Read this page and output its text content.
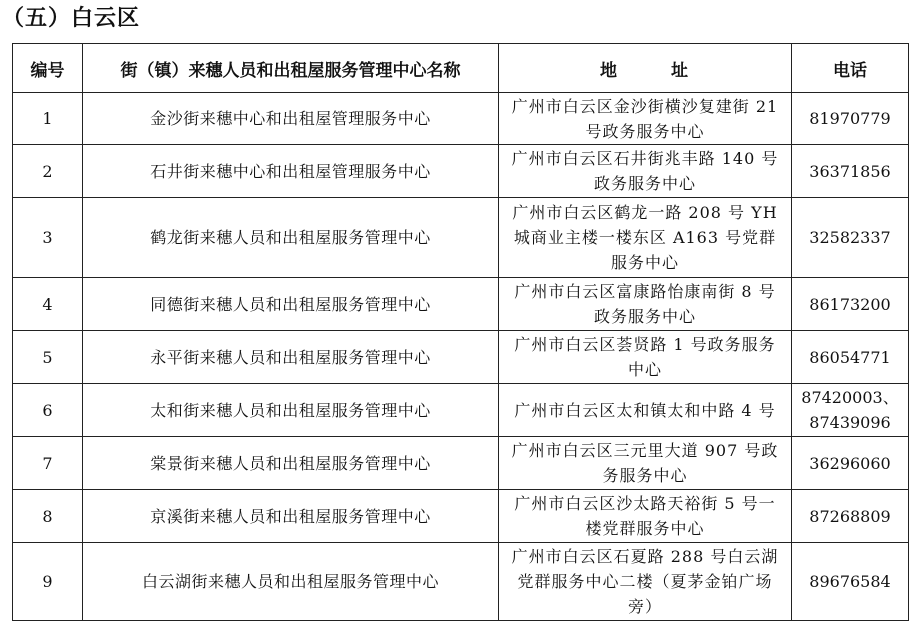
（五）白云区
编号	街（镇）来穗人员和出租屋服务管理中心名称	地 址	电话
1	金沙街来穗中心和出租屋管理服务中心	广州市白云区金沙街横沙复建街 21 号政务服务中心	81970779
2	石井街来穗中心和出租屋管理服务中心	广州市白云区石井街兆丰路 140 号政务服务中心	36371856
3	鹤龙街来穗人员和出租屋服务管理中心	广州市白云区鹤龙一路 208 号 YH 城商业主楼一楼东区 A163 号党群服务中心	32582337
4	同德街来穗人员和出租屋服务管理中心	广州市白云区富康路怡康南街 8 号政务服务中心	86173200
5	永平街来穗人员和出租屋服务管理中心	广州市白云区荟贤路 1 号政务服务中心	86054771
6	太和街来穗人员和出租屋服务管理中心	广州市白云区太和镇太和中路 4 号	87420003、
87439096
7	棠景街来穗人员和出租屋服务管理中心	广州市白云区三元里大道 907 号政务服务中心	36296060
8	京溪街来穗人员和出租屋服务管理中心	广州市白云区沙太路天裕街 5 号一楼党群服务中心	87268809
9	白云湖街来穗人员和出租屋服务管理中心	广州市白云区石夏路 288 号白云湖党群服务中心二楼（夏茅金铂广场旁）	89676584
